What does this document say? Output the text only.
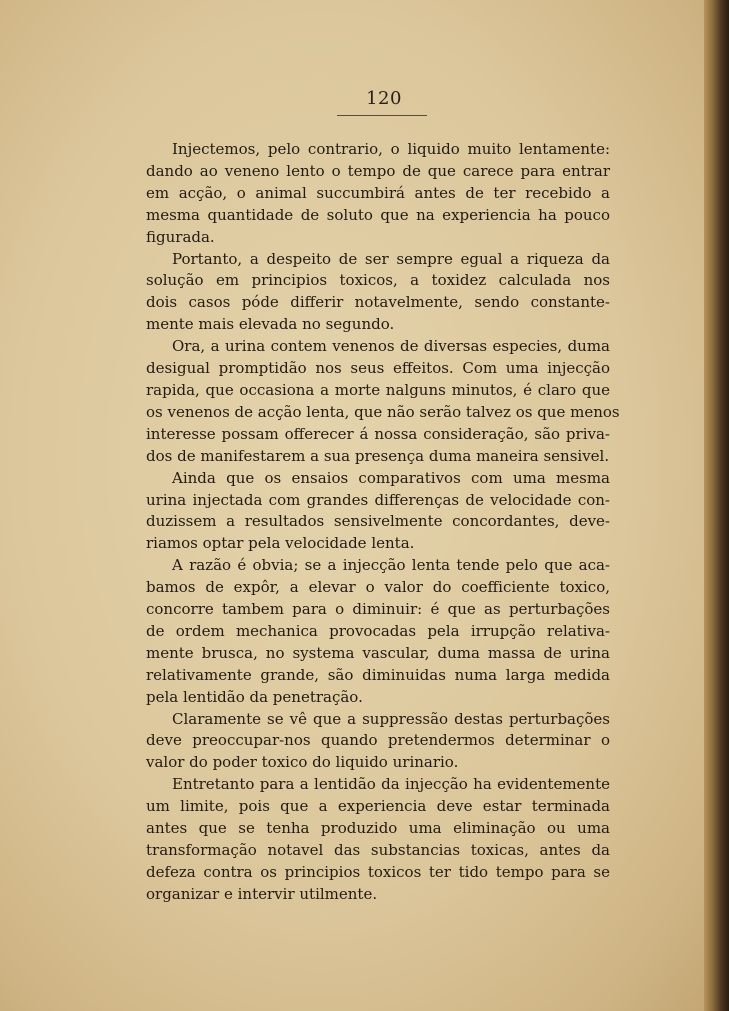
120
Injectemos, pelo contrario, o liquido muito lentamente:
dando ao veneno lento o tempo de que carece para entrar
em acção, o animal succumbirá antes de ter recebido a
mesma quantidade de soluto que na experiencia ha pouco
figurada.
Portanto, a despeito de ser sempre egual a riqueza da
solução em principios toxicos, a toxidez calculada nos
dois casos póde differir notavelmente, sendo constante-
mente mais elevada no segundo.
Ora, a urina contem venenos de diversas especies, duma
desigual promptidão nos seus effeitos. Com uma injecção
rapida, que occasiona a morte nalguns minutos, é claro que
os venenos de acção lenta, que não serão talvez os que menos
interesse possam offerecer á nossa consideração, são priva-
dos de manifestarem a sua presença duma maneira sensivel.
Ainda que os ensaios comparativos com uma mesma
urina injectada com grandes differenças de velocidade con-
duzissem a resultados sensivelmente concordantes, deve-
riamos optar pela velocidade lenta.
A razão é obvia; se a injecção lenta tende pelo que aca-
bamos de expôr, a elevar o valor do coefficiente toxico,
concorre tambem para o diminuir: é que as perturbações
de ordem mechanica provocadas pela irrupção relativa-
mente brusca, no systema vascular, duma massa de urina
relativamente grande, são diminuidas numa larga medida
pela lentidão da penetração.
Claramente se vê que a suppressão destas perturbações
deve preoccupar-nos quando pretendermos determinar o
valor do poder toxico do liquido urinario.
Entretanto para a lentidão da injecção ha evidentemente
um limite, pois que a experiencia deve estar terminada
antes que se tenha produzido uma eliminação ou uma
transformação notavel das substancias toxicas, antes da
defeza contra os principios toxicos ter tido tempo para se
organizar e intervir utilmente.
